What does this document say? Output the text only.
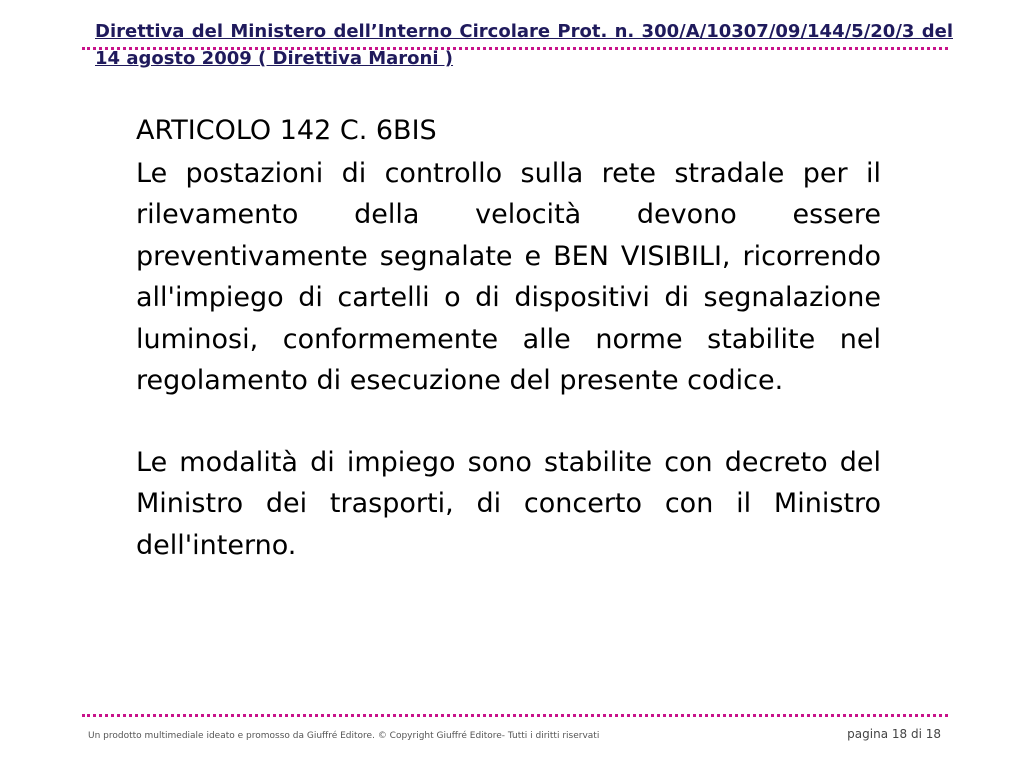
Direttiva del Ministero dell’Interno Circolare Prot. n. 300/A/10307/09/144/5/20/3 del 14 agosto 2009 ( Direttiva Maroni )

ARTICOLO 142 C. 6BIS

Le postazioni di controllo sulla rete stradale per il rilevamento della velocità devono essere preventivamente segnalate e BEN VISIBILI, ricorrendo all'impiego di cartelli o di dispositivi di segnalazione luminosi, conformemente alle norme stabilite nel regolamento di esecuzione del presente codice.

Le modalità di impiego sono stabilite con decreto del Ministro dei trasporti, di concerto con il Ministro dell'interno.

Un prodotto multimediale ideato e promosso da Giuffré Editore. © Copyright Giuffré Editore- Tutti i diritti riservati	pagina 18 di 18
